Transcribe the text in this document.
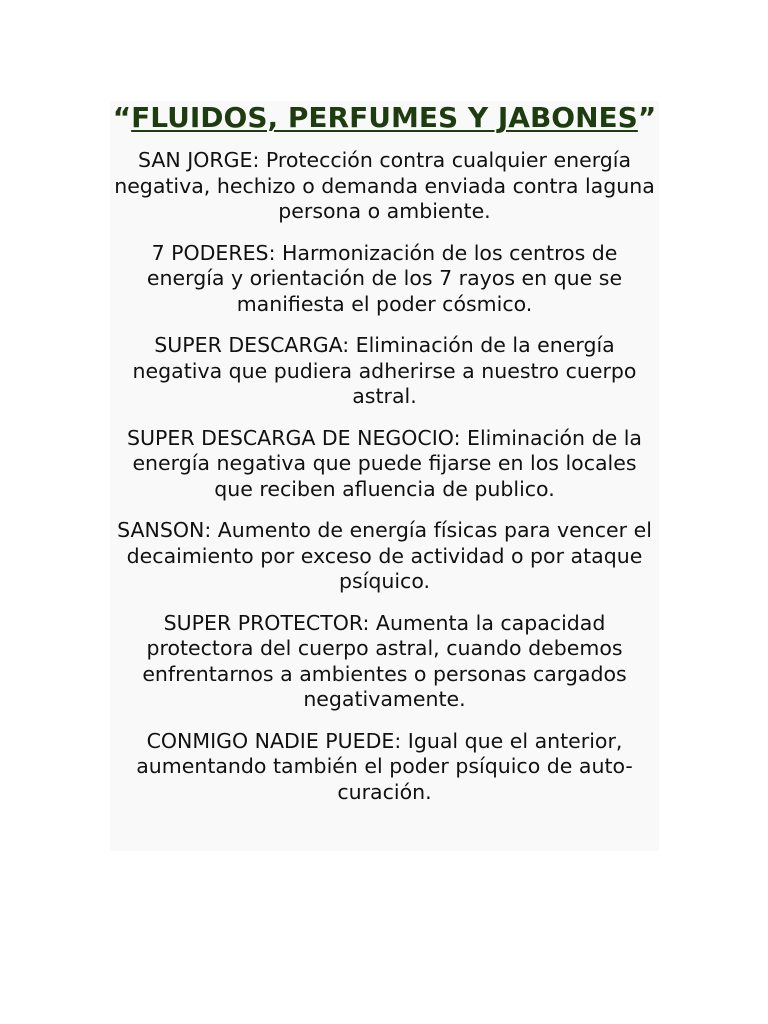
“FLUIDOS, PERFUMES Y JABONES”

SAN JORGE: Protección contra cualquier energía negativa, hechizo o demanda enviada contra laguna persona o ambiente.

7 PODERES: Harmonización de los centros de energía y orientación de los 7 rayos en que se manifiesta el poder cósmico.

SUPER DESCARGA: Eliminación de la energía negativa que pudiera adherirse a nuestro cuerpo astral.

SUPER DESCARGA DE NEGOCIO: Eliminación de la energía negativa que puede fijarse en los locales que reciben afluencia de publico.

SANSON: Aumento de energía físicas para vencer el decaimiento por exceso de actividad o por ataque psíquico.

SUPER PROTECTOR: Aumenta la capacidad protectora del cuerpo astral, cuando debemos enfrentarnos a ambientes o personas cargados negativamente.

CONMIGO NADIE PUEDE: Igual que el anterior, aumentando también el poder psíquico de auto-curación.
